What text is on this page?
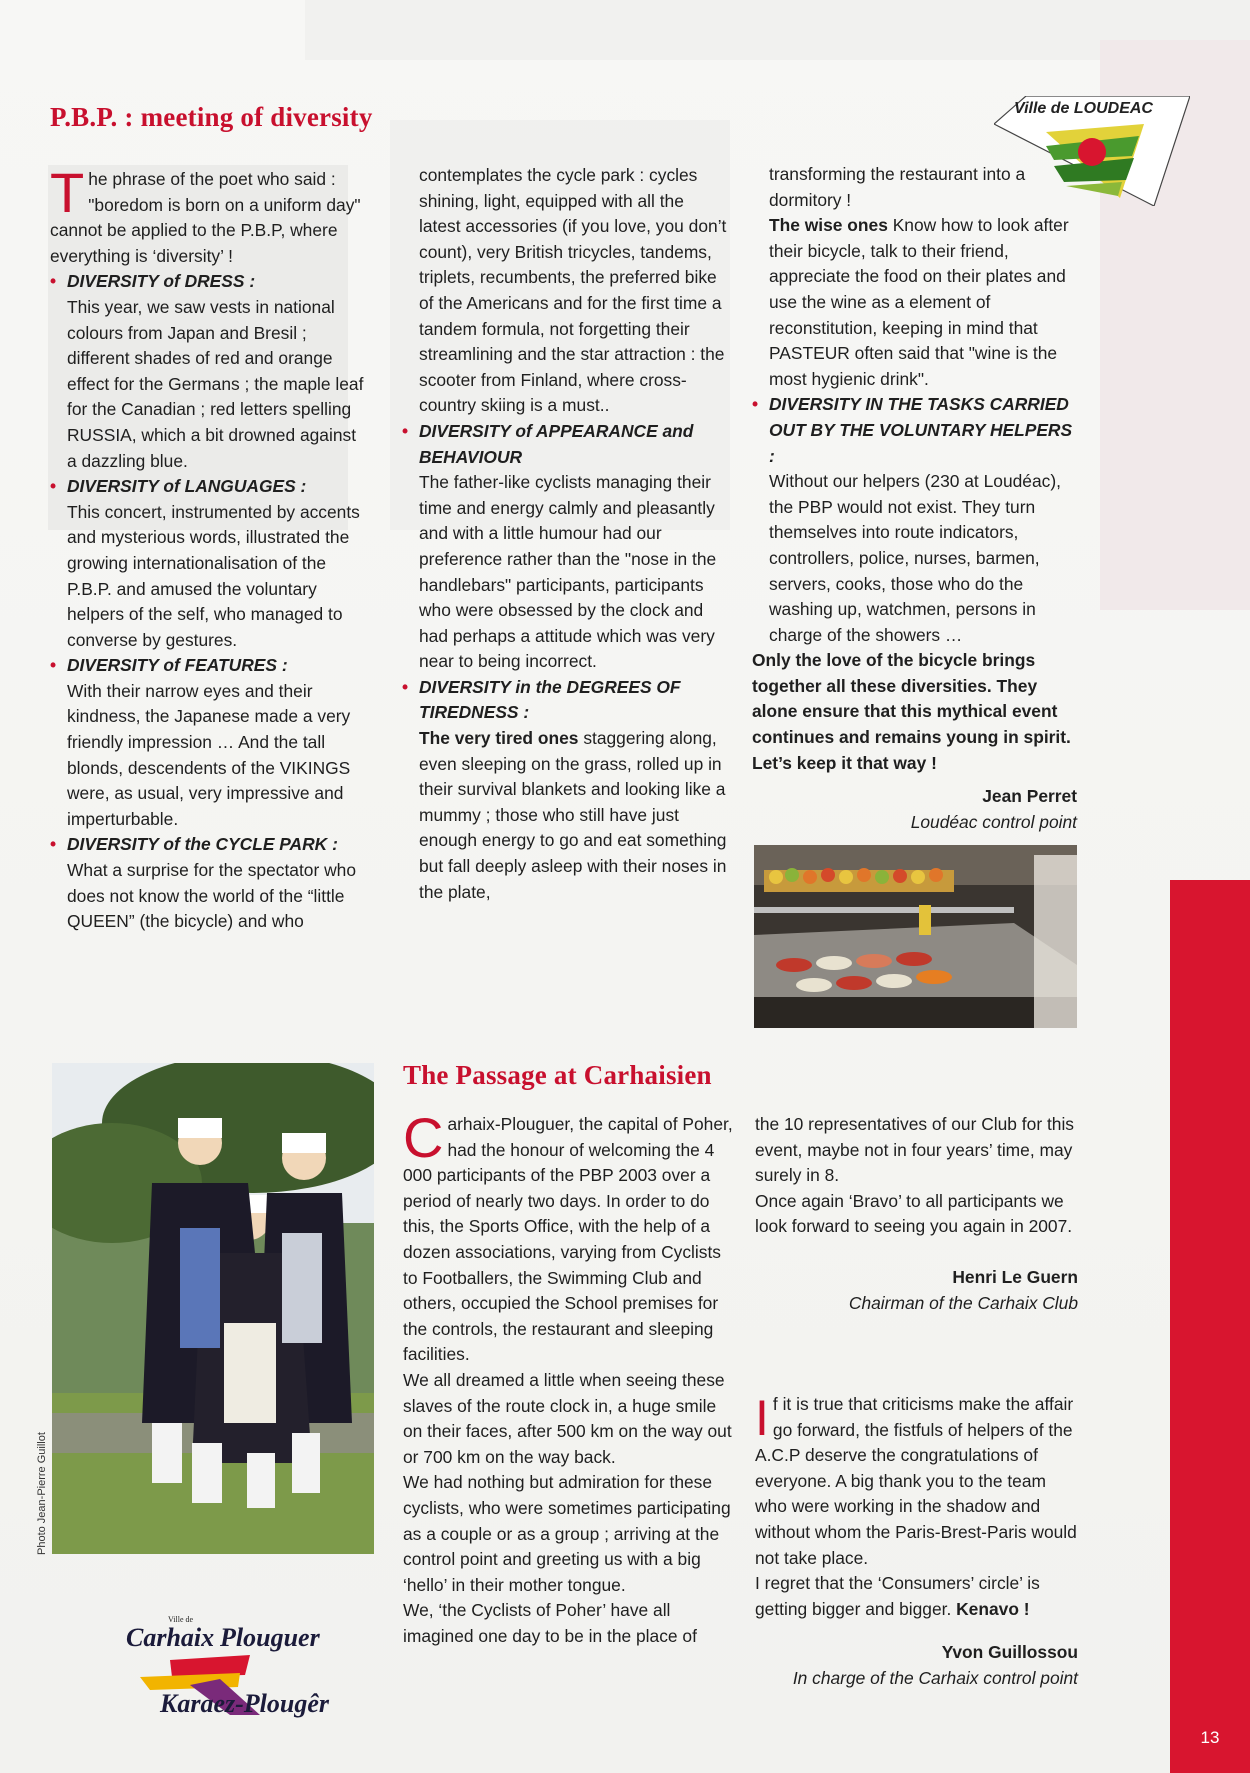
13
P.B.P. : meeting of diversity

The phrase of the poet who said : "boredom is born on a uniform day" cannot be applied to the P.B.P, where everything is ‘diversity’ !

• DIVERSITY of DRESS :
This year, we saw vests in national colours from Japan and Bresil ; different shades of red and orange effect for the Germans ; the maple leaf for the Canadian ; red letters spelling RUSSIA, which a bit drowned against a dazzling blue.
• DIVERSITY of LANGUAGES :
This concert, instrumented by accents and mysterious words, illustrated the growing internationalisation of the P.B.P. and amused the voluntary helpers of the self, who managed to converse by gestures.
• DIVERSITY of FEATURES :
With their narrow eyes and their kindness, the Japanese made a very friendly impression … And the tall blonds, descendents of the VIKINGS were, as usual, very impressive and imperturbable.
• DIVERSITY of the CYCLE PARK :
What a surprise for the spectator who does not know the world of the “little QUEEN” (the bicycle) and who

contemplates the cycle park : cycles shining, light, equipped with all the latest accessories (if you love, you don’t count), very British tricycles, tandems, triplets, recumbents, the preferred bike of the Americans and for the first time a tandem formula, not forgetting their streamlining and the star attraction : the scooter from Finland, where cross-country skiing is a must..

• DIVERSITY of APPEARANCE and BEHAVIOUR
The father-like cyclists managing their time and energy calmly and pleasantly and with a little humour had our preference rather than the "nose in the handlebars" participants, participants who were obsessed by the clock and had perhaps a attitude which was very near to being incorrect.
• DIVERSITY in the DEGREES OF TIREDNESS :
The very tired ones staggering along, even sleeping on the grass, rolled up in their survival blankets and looking like a mummy ; those who still have just enough energy to go and eat something but fall deeply asleep with their noses in the plate,

transforming the restaurant into a dormitory !

The wise ones Know how to look after their bicycle, talk to their friend, appreciate the food on their plates and use the wine as a element of reconstitution, keeping in mind that PASTEUR often said that "wine is the most hygienic drink".

• DIVERSITY IN THE TASKS CARRIED OUT BY THE VOLUNTARY HELPERS :
Without our helpers (230 at Loudéac), the PBP would not exist. They turn themselves into route indicators, controllers, police, nurses, barmen, servers, cooks, those who do the washing up, watchmen, persons in charge of the showers …

Only the love of the bicycle brings together all these diversities. They alone ensure that this mythical event continues and remains young in spirit. Let’s keep it that way !

Jean Perret
Loudéac control point
Ville de LOUDEAC
Photo Jean-Pierre Guillot
The Passage at Carhaisien

Carhaix-Plouguer, the capital of Poher, had the honour of welcoming the 4 000 participants of the PBP 2003 over a period of nearly two days. In order to do this, the Sports Office, with the help of a dozen associations, varying from Cyclists to Footballers, the Swimming Club and others, occupied the School premises for the controls, the restaurant and sleeping facilities.

We all dreamed a little when seeing these slaves of the route clock in, a huge smile on their faces, after 500 km on the way out or 700 km on the way back.

We had nothing but admiration for these cyclists, who were sometimes participating as a couple or as a group ; arriving at the control point and greeting us with a big ‘hello’ in their mother tongue.

We, ‘the Cyclists of Poher’ have all imagined one day to be in the place of

the 10 representatives of our Club for this event, maybe not in four years’ time, may surely in 8.

Once again ‘Bravo’ to all participants we look forward to seeing you again in 2007.

Henri Le Guern
Chairman of the Carhaix Club

If it is true that criticisms make the affair go forward, the fistfuls of helpers of the A.C.P deserve the congratulations of everyone. A big thank you to the team who were working in the shadow and without whom the Paris-Brest-Paris would not take place.

I regret that the ‘Consumers’ circle’ is getting bigger and bigger. Kenavo !

Yvon Guillossou
In charge of the Carhaix control point
Ville de
Carhaix Plouguer
Karaez-Plougêr
